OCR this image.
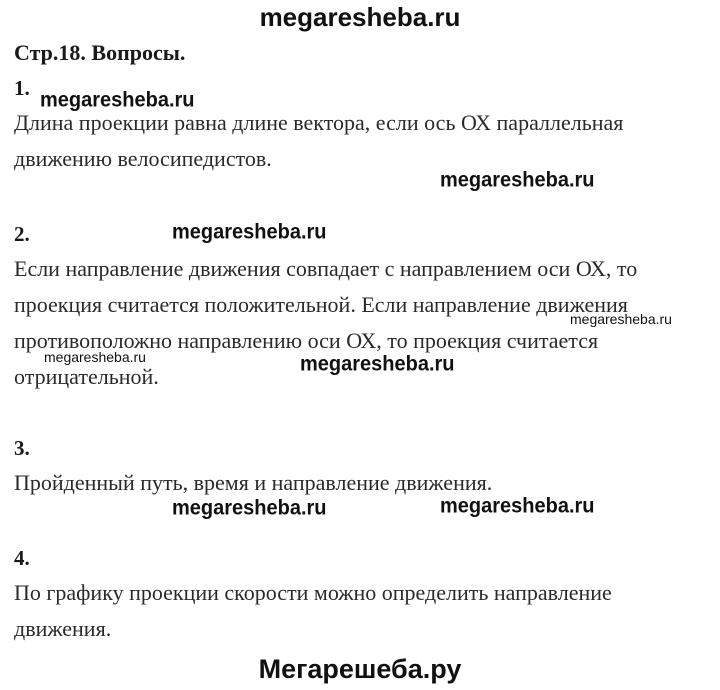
megaresheba.ru
Стр.18. Вопросы.
1.
Длина проекции равна длине вектора, если ось ОХ параллельная
движению велосипедистов.
2.
Если направление движения совпадает с направлением оси ОХ, то
проекция считается положительной. Если направление движения
противоположно направлению оси ОХ, то проекция считается
отрицательной.
3.
Пройденный путь, время и направление движения.
4.
По графику проекции скорости можно определить направление
движения.
megaresheba.ru
megaresheba.ru
megaresheba.ru
megaresheba.ru
megaresheba.ru	megaresheba.ru
megaresheba.ru	megaresheba.ru
Мегарешеба.ру
